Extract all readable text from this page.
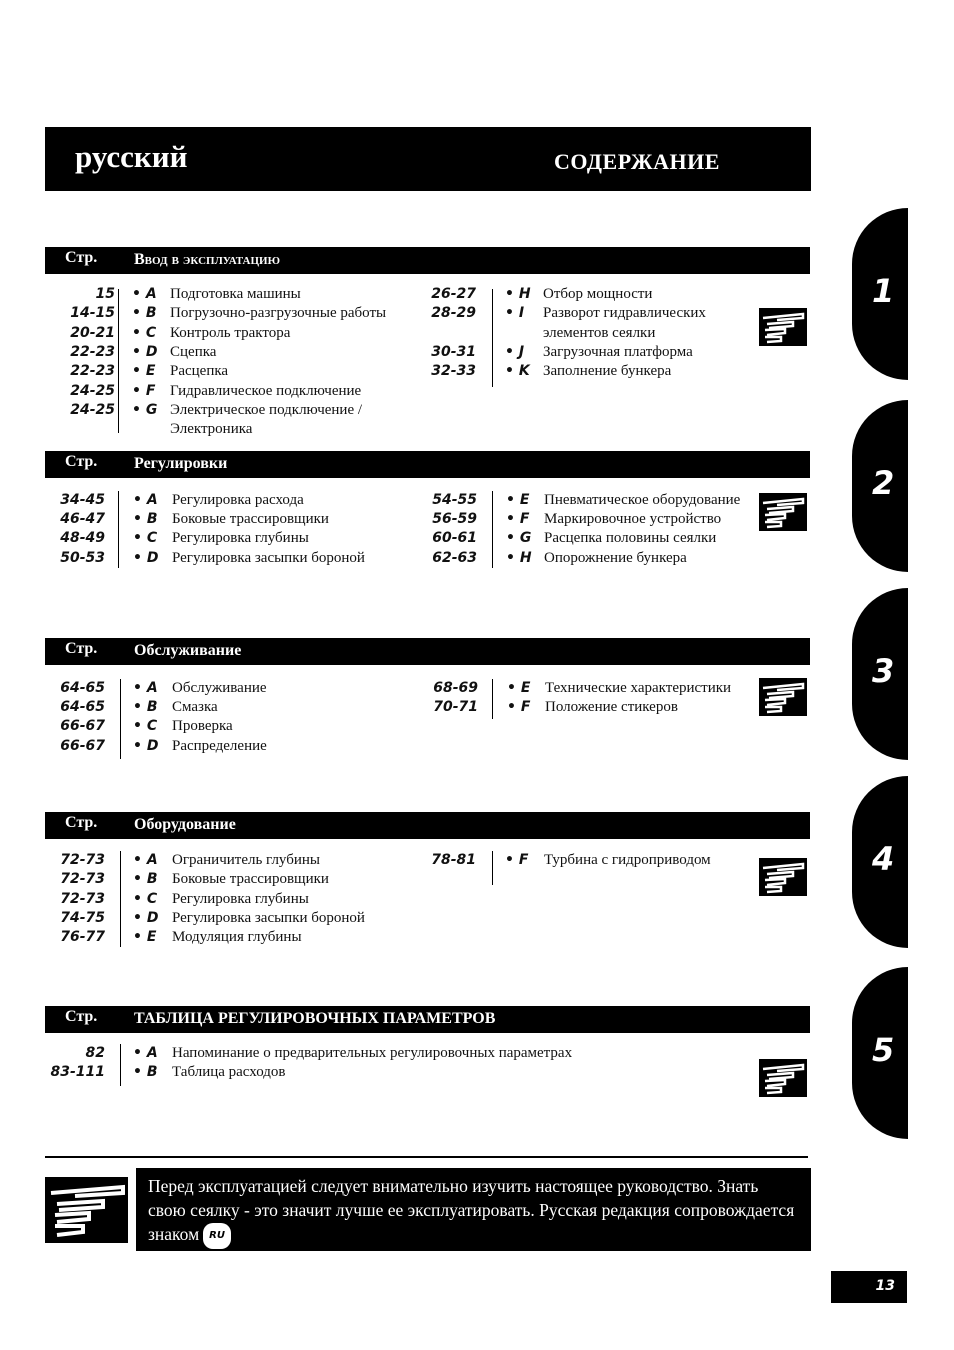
русский	СОДЕРЖАНИЕ
Стр. Ввод в эксплуатацию
Стр. Регулировки
Стр. Обслуживание
Стр. Оборудование
Стр. ТАБЛИЦА РЕГУЛИРОВОЧНЫХ ПАРАМЕТРОВ
15 • A Подготовка машины
14-15 • B Погрузочно-разгрузочные работы
20-21 • C Контроль трактора
22-23 • D Сцепка
22-23 • E Расцепка
24-25 • F Гидравлическое подключение
24-25 • G Электрическое подключение /
Электроника
26-27 • H Отбор мощности
28-29 • I Разворот гидравлических
элементов сеялки
30-31 • J Загрузочная платформа
32-33 • K Заполнение бункера
34-45 • A Регулировка расхода
46-47 • B Боковые трассировщики
48-49 • C Регулировка глубины
50-53 • D Регулировка засыпки бороной
54-55 • E Пневматическое оборудование
56-59 • F Маркировочное устройство
60-61 • G Расцепка половины сеялки
62-63 • H Опорожнение бункера
64-65 • A Обслуживание
64-65 • B Смазка
66-67 • C Проверка
66-67 • D Распределение
68-69 • E Технические характеристики
70-71 • F Положение стикеров
72-73 • A Ограничитель глубины
72-73 • B Боковые трассировщики
72-73 • C Регулировка глубины
74-75 • D Регулировка засыпки бороной
76-77 • E Модуляция глубины
78-81 • F Турбина с гидроприводом
82 • A Напоминание о предварительных регулировочных параметрах
83-111 • B Таблица расходов
1
2
3
4
5
Перед эксплуатацией следует внимательно изучить настоящее руководство. Знать свою сеялку - это значит лучше ее эксплуатировать. Русская редакция сопровождается знаком RU
13
